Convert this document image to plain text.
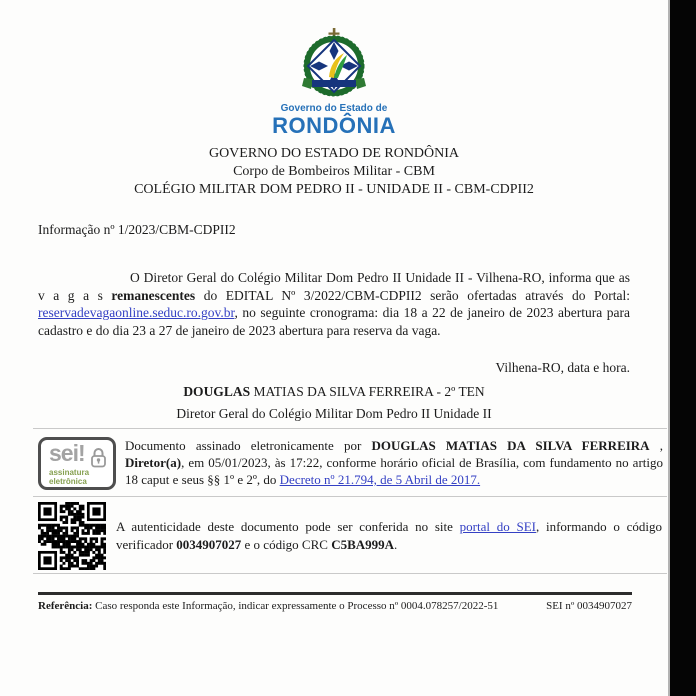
Governo do Estado de
RONDÔNIA
GOVERNO DO ESTADO DE RONDÔNIA
Corpo de Bombeiros Militar - CBM
COLÉGIO MILITAR DOM PEDRO II - UNIDADE II - CBM-CDPII2
Informação nº 1/2023/CBM-CDPII2

O Diretor Geral do Colégio Militar Dom Pedro II Unidade II - Vilhena-RO, informa que as v a g a s remanescentes do EDITAL Nº 3/2022/CBM-CDPII2 serão ofertadas através do Portal: reservadevagaonline.seduc.ro.gov.br, no seguinte cronograma: dia 18 a 22 de janeiro de 2023 abertura para cadastro e do dia 23 a 27 de janeiro de 2023 abertura para reserva da vaga.

Vilhena-RO, data e hora.
DOUGLAS MATIAS DA SILVA FERREIRA - 2º TEN
Diretor Geral do Colégio Militar Dom Pedro II Unidade II
sei!
assinatura
eletrônica

Documento assinado eletronicamente por DOUGLAS MATIAS DA SILVA FERREIRA , Diretor(a), em 05/01/2023, às 17:22, conforme horário oficial de Brasília, com fundamento no artigo 18 caput e seus §§ 1º e 2º, do Decreto nº 21.794, de 5 Abril de 2017.

A autenticidade deste documento pode ser conferida no site portal do SEI, informando o código verificador 0034907027 e o código CRC C5BA999A.

Referência: Caso responda este Informação, indicar expressamente o Processo nº 0004.078257/2022-51	SEI nº 0034907027
